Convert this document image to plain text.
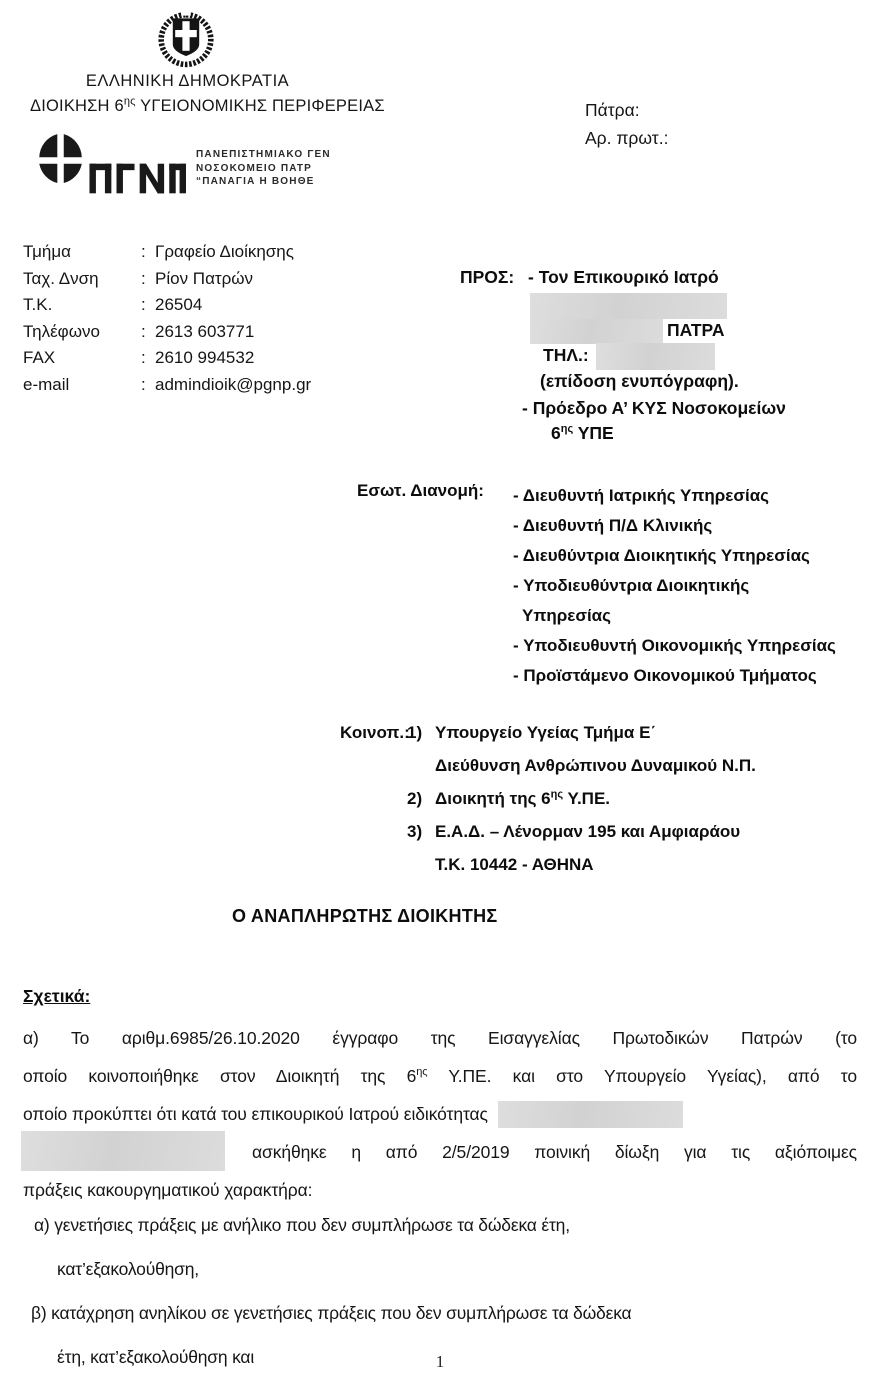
ΕΛΛΗΝΙΚΗ ΔΗΜΟΚΡΑΤΙΑ
ΔΙΟΙΚΗΣΗ $6^{\eta\varsigma}$ ΥΓΕΙΟΝΟΜΙΚΗΣ ΠΕΡΙΦΕΡΕΙΑΣ	Πάτρα:
Αρ. πρωτ.:
ΠΑΝΕΠΙΣΤΗΜΙΑΚΟ ΓΕΝ
ΝΟΣΟΚΟΜΕΙΟ ΠΑΤΡ
“ΠΑΝΑΓΙΑ Η ΒΟΗΘΕ
Τμήμα	: Γραφείο Διοίκησης
Ταχ. Δνση	: Ρίον Πατρών
Τ.Κ.	: 26504
Τηλέφωνο	: 2613 603771
FAX	: 2610 994532
e-mail	: admindioik@pgnp.gr
ΠΡΟΣ: - Τον Επικουρικό Ιατρό
ΠΑΤΡΑ
ΤΗΛ.:
(επίδοση ενυπόγραφη).
- Πρόεδρο Α’ ΚΥΣ Νοσοκομείων
$6^{\eta\varsigma}$ ΥΠΕ
Εσωτ. Διανομή: - Διευθυντή Ιατρικής Υπηρεσίας
- Διευθυντή Π/Δ Κλινικής
- Διευθύντρια Διοικητικής Υπηρεσίας
- Υποδιευθύντρια Διοικητικής
Υπηρεσίας
- Υποδιευθυντή Οικονομικής Υπηρεσίας
- Προϊστάμενο Οικονομικού Τμήματος
Κοινοπ.:
1) Υπουργείο Υγείας Τμήμα Ε΄
Διεύθυνση Ανθρώπινου Δυναμικού Ν.Π.
2) Διοικητή της $6^{\eta\varsigma}$ Υ.ΠΕ.
3) Ε.Α.Δ. – Λένορμαν 195 και Αμφιαράου
Τ.Κ. 10442 - ΑΘΗΝΑ
Ο ΑΝΑΠΛΗΡΩΤΗΣ ΔΙΟΙΚΗΤΗΣ
Σχετικά:
α) Το αριθμ.6985/26.10.2020 έγγραφο της Εισαγγελίας Πρωτοδικών Πατρών (το
οποίο κοινοποιήθηκε στον Διοικητή της $6^{\eta\varsigma}$ Υ.ΠΕ. και στο Υπουργείο Υγείας), από το
οποίο προκύπτει ότι κατά του επικουρικού Ιατρού ειδικότητας
ασκήθηκε η από 2/5/2019 ποινική δίωξη για τις αξιόποιμες
πράξεις κακουργηματικού χαρακτήρα:
α) γενετήσιες πράξεις με ανήλικο που δεν συμπλήρωσε τα δώδεκα έτη,
κατ’εξακολούθηση,
β) κατάχρηση ανηλίκου σε γενετήσιες πράξεις που δεν συμπλήρωσε τα δώδεκα
έτη, κατ’εξακολούθηση και	1
